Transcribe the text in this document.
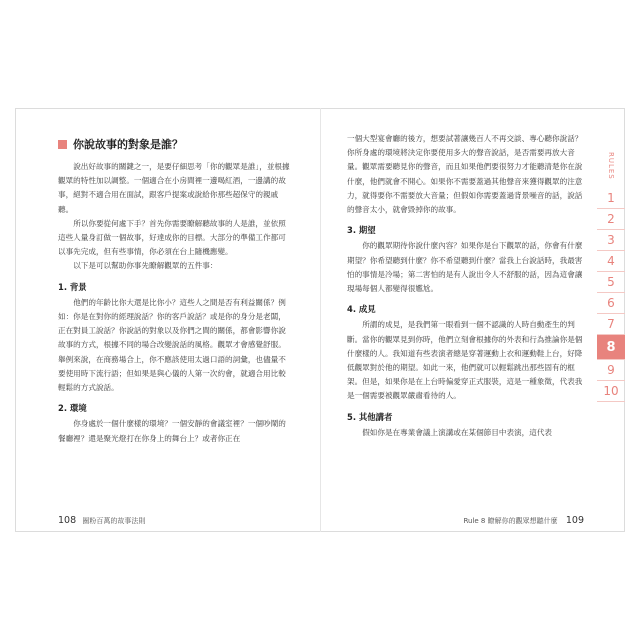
你說故事的對象是誰？

說出好故事的關鍵之一，是要仔細思考「你的觀眾是誰」，並根據觀眾的特性加以調整。一個適合在小房間裡一邊喝紅酒，一邊講的故事，絕對不適合用在面試，跟客戶提案或說給你那些超保守的親戚聽。

所以你要從何處下手？首先你需要瞭解聽故事的人是誰，並依照這些人量身訂做一個故事，好達成你的目標。大部分的準備工作都可以事先完成，但有些事情，你必須在台上隨機應變。

以下是可以幫助你事先瞭解觀眾的五件事：

1. 背景

他們的年齡比你大還是比你小？這些人之間是否有利益關係？例如：你是在對你的經理說話？你的客戶說話？或是你的身分是老闆，正在對員工說話？你說話的對象以及你們之間的關係，都會影響你說故事的方式，根據不同的場合改變說話的風格。觀眾才會感覺舒服。舉例來說，在商務場合上，你不應該使用太過口語的詞彙，也儘量不要使用時下流行語；但如果是與心儀的人第一次約會，就適合用比較輕鬆的方式說話。

2. 環境

你身處於一個什麼樣的環境？一個安靜的會議室裡？一個吵鬧的餐廳裡？還是聚光燈打在你身上的舞台上？或者你正在

108 圈粉百萬的故事法則

一個大型宴會廳的後方，想要試著讓幾百人不再交談、專心聽你說話？你所身處的環境將決定你要使用多大的聲音說話，是否需要再放大音量。觀眾需要聽見你的聲音，而且如果他們要很努力才能聽清楚你在說什麼，他們就會不開心。如果你不需要蓋過其他聲音來獲得觀眾的注意力，就得要你不需要放大音量；但假如你需要蓋過背景噪音的話，說話的聲音太小，就會毀掉你的故事。

3. 期望

你的觀眾期待你說什麼內容？如果你是台下觀眾的話，你會有什麼期望？你希望聽到什麼？你不希望聽到什麼？當我上台說話時，我最害怕的事情是冷場；第二害怕的是有人說出令人不舒服的話，因為這會讓現場每個人都變得很尷尬。

4. 成見

所謂的成見，是我們第一眼看到一個不認識的人時自動產生的判斷。當你的觀眾見到你時，他們立刻會根據你的外表和行為推論你是個什麼樣的人。我知道有些表演者總是穿著運動上衣和運動鞋上台，好降低觀眾對於他的期望。如此一來，他們就可以輕鬆跳出那些固有的框架。但是，如果你是在上台時偏愛穿正式服裝，這是一種象徵，代表我是一個需要被觀眾嚴肅看待的人。

5. 其他講者

假如你是在專業會議上演講或在某個節目中表演，這代表

Rule 8 瞭解你的觀眾想聽什麼 109
RULES
1
2
3
4
5
6
7
8
9
10
